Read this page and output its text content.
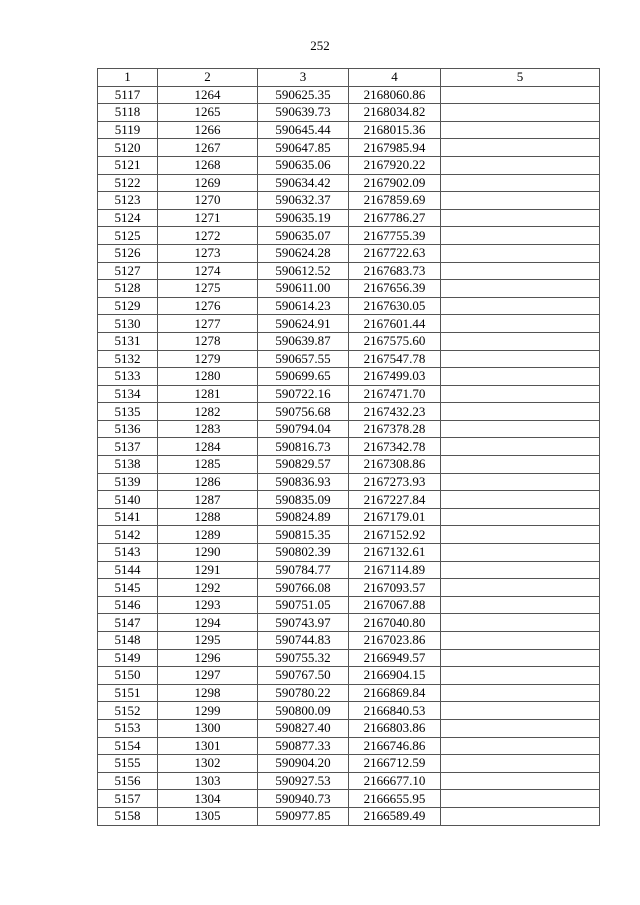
252
1	2	3	4	5
5117	1264	590625.35	2168060.86	
5118	1265	590639.73	2168034.82	
5119	1266	590645.44	2168015.36	
5120	1267	590647.85	2167985.94	
5121	1268	590635.06	2167920.22	
5122	1269	590634.42	2167902.09	
5123	1270	590632.37	2167859.69	
5124	1271	590635.19	2167786.27	
5125	1272	590635.07	2167755.39	
5126	1273	590624.28	2167722.63	
5127	1274	590612.52	2167683.73	
5128	1275	590611.00	2167656.39	
5129	1276	590614.23	2167630.05	
5130	1277	590624.91	2167601.44	
5131	1278	590639.87	2167575.60	
5132	1279	590657.55	2167547.78	
5133	1280	590699.65	2167499.03	
5134	1281	590722.16	2167471.70	
5135	1282	590756.68	2167432.23	
5136	1283	590794.04	2167378.28	
5137	1284	590816.73	2167342.78	
5138	1285	590829.57	2167308.86	
5139	1286	590836.93	2167273.93	
5140	1287	590835.09	2167227.84	
5141	1288	590824.89	2167179.01	
5142	1289	590815.35	2167152.92	
5143	1290	590802.39	2167132.61	
5144	1291	590784.77	2167114.89	
5145	1292	590766.08	2167093.57	
5146	1293	590751.05	2167067.88	
5147	1294	590743.97	2167040.80	
5148	1295	590744.83	2167023.86	
5149	1296	590755.32	2166949.57	
5150	1297	590767.50	2166904.15	
5151	1298	590780.22	2166869.84	
5152	1299	590800.09	2166840.53	
5153	1300	590827.40	2166803.86	
5154	1301	590877.33	2166746.86	
5155	1302	590904.20	2166712.59	
5156	1303	590927.53	2166677.10	
5157	1304	590940.73	2166655.95	
5158	1305	590977.85	2166589.49	
